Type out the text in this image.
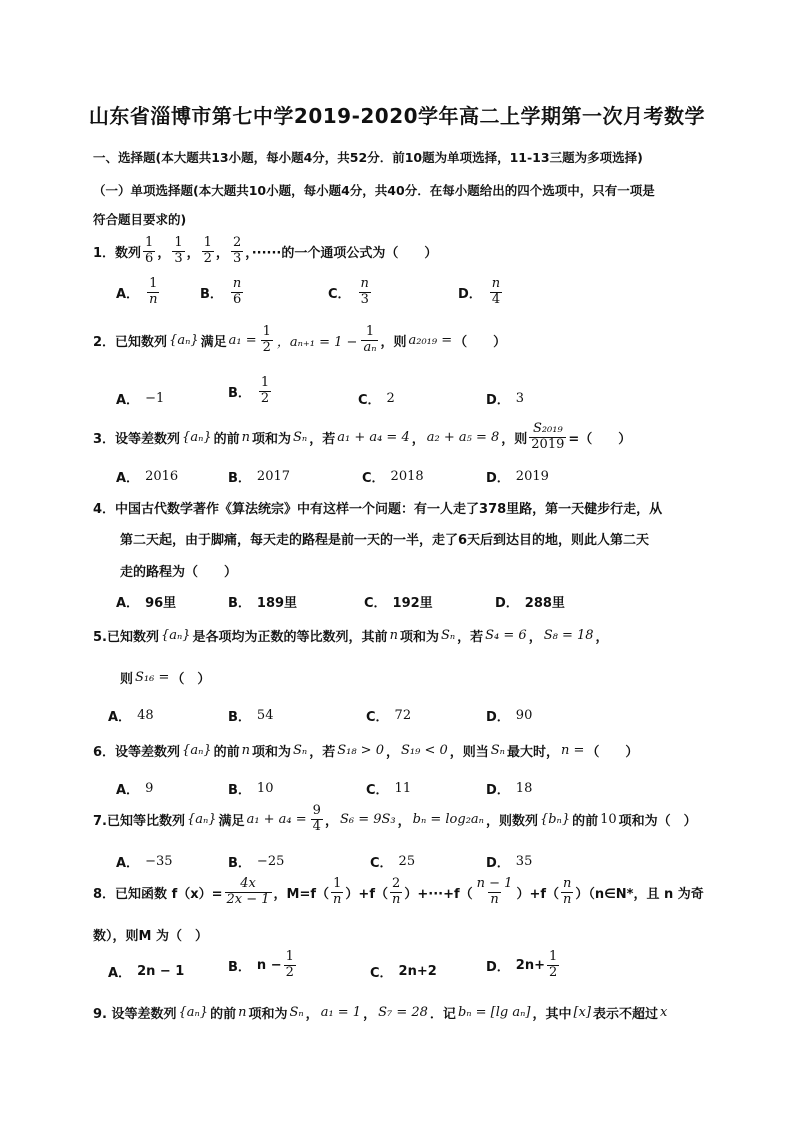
山东省淄博市第七中学2019-2020学年高二上学期第一次月考数学
一、选择题(本大题共13小题，每小题4分，共52分．前10题为单项选择，11-13三题为多项选择)
（一）单项选择题(本大题共10小题，每小题4分，共40分．在每小题给出的四个选项中，只有一项是
符合题目要求的)
1．数列 $\frac{1}{6}$ ， $\frac{1}{3}$ ， $\frac{1}{2}$ ， $\frac{2}{3}$ ，······的一个通项公式为（　　）
A． $\frac{1}{n}$	B． $\frac{n}{6}$	C． $\frac{n}{3}$	D． $\frac{n}{4}$
2．已知数列 {aₙ} 满足 $a_1 = \frac{1}{2}$ ，$a_{n+1} = 1 - \frac{1}{\text{aₙ}}$ ，则 a₂₀₁₉ = （　　）
A． −1	B． $\frac{1}{2}$	C． 2	D． 3
3．设等差数列 {aₙ} 的前 n 项和为 Sₙ ，若 a₁ + a₄ = 4 ， a₂ + a₅ = 8 ，则 $\frac{\text{S₂₀₁₉}}{2019}$ =（　　）
A． 2016	B． 2017	C． 2018	D． 2019
4．中国古代数学著作《算法统宗》中有这样一个问题：有一人走了378里路，第一天健步行走，从
第二天起，由于脚痛，每天走的路程是前一天的一半，走了6天后到达目的地，则此人第二天
走的路程为（　　）
A． 96里	B． 189里	C． 192里	D． 288里
5.已知数列 {aₙ} 是各项均为正数的等比数列，其前 n 项和为 Sₙ ，若 S₄ = 6 ， S₈ = 18 ，
则 S₁₆ = （　）
A． 48	B． 54	C． 72	D． 90
6．设等差数列 {aₙ} 的前 n 项和为 Sₙ ，若 S₁₈ > 0 ， S₁₉ < 0 ，则当 Sₙ 最大时， n = （　　）
A． 9	B． 10	C． 11	D． 18
7.已知等比数列 {aₙ} 满足 $a_1 + a_4 = \frac{9}{4}$ ， S₆ = 9S₃ ， bₙ = log₂aₙ ，则数列 {bₙ} 的前 10 项和为（　）
A． −35	B． −25	C． 25	D． 35
8．已知函数 $f(x)= \frac{4x}{2x - 1}$ ，$M=f( \frac{1}{n} )+f( \frac{2}{n} )+\cdot\cdot\cdot+f( \frac{n - 1}{n} )+f( \frac{n}{n}$ ）（n∈N*，且 n 为奇
数），则M 为（　）
A． 2n − 1	B． $n - \frac{1}{2}$	C． 2n+2	D． $2n+ \frac{1}{2}$
9. 设等差数列 {aₙ} 的前 n 项和为 Sₙ ， a₁ = 1 ， S₇ = 28 ．记 bₙ = [lg aₙ] ，其中 [x] 表示不超过 x
